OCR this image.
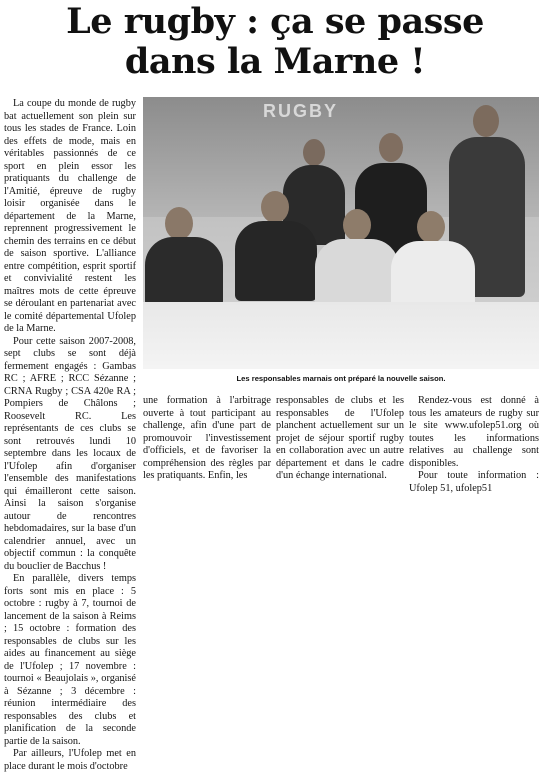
Le rugby : ça se passe
dans la Marne !

La coupe du monde de rugby bat actuellement son plein sur tous les stades de France. Loin des effets de mode, mais en véritables passionnés de ce sport en plein essor les pratiquants du challenge de l'Amitié, épreuve de rugby loisir organisée dans le département de la Marne, reprennent progressivement le chemin des terrains en ce début de saison sportive. L'alliance entre compétition, esprit sportif et convivialité restent les maîtres mots de cette épreuve se déroulant en partenariat avec le comité départemental Ufolep de la Marne.

Pour cette saison 2007-2008, sept clubs se sont déjà fermement engagés : Gambas RC ; AFRE ; RCC Sézanne ; CRNA Rugby ; CSA 420e RA ; Pompiers de Châlons ; Roosevelt RC. Les représentants de ces clubs se sont retrouvés lundi 10 septembre dans les locaux de l'Ufolep afin d'organiser l'ensemble des manifestations qui émailleront cette saison. Ainsi la saison s'organise autour de rencontres hebdomadaires, sur la base d'un calendrier annuel, avec un objectif commun : la conquête du bouclier de Bacchus !

En parallèle, divers temps forts sont mis en place : 5 octobre : rugby à 7, tournoi de lancement de la saison à Reims ; 15 octobre : formation des responsables de clubs sur les aides au financement au siège de l'Ufolep ; 17 novembre : tournoi « Beaujolais », organisé à Sézanne ; 3 décembre : réunion intermédiaire des responsables des clubs et planification de la seconde partie de la saison.

Par ailleurs, l'Ufolep met en place durant le mois d'octobre

RUGBY
Les responsables marnais ont préparé la nouvelle saison.

une formation à l'arbitrage ouverte à tout participant au challenge, afin d'une part de promouvoir l'investissement d'officiels, et de favoriser la compréhension des règles par les pratiquants. Enfin, les

responsables de clubs et les responsables de l'Ufolep planchent actuellement sur un projet de séjour sportif rugby en collaboration avec un autre département et dans le cadre d'un échange international.

Rendez-vous est donné à tous les amateurs de rugby sur le site www.ufolep51.org où toutes les informations relatives au challenge sont disponibles.

Pour toute information : Ufolep 51, ufolep51
